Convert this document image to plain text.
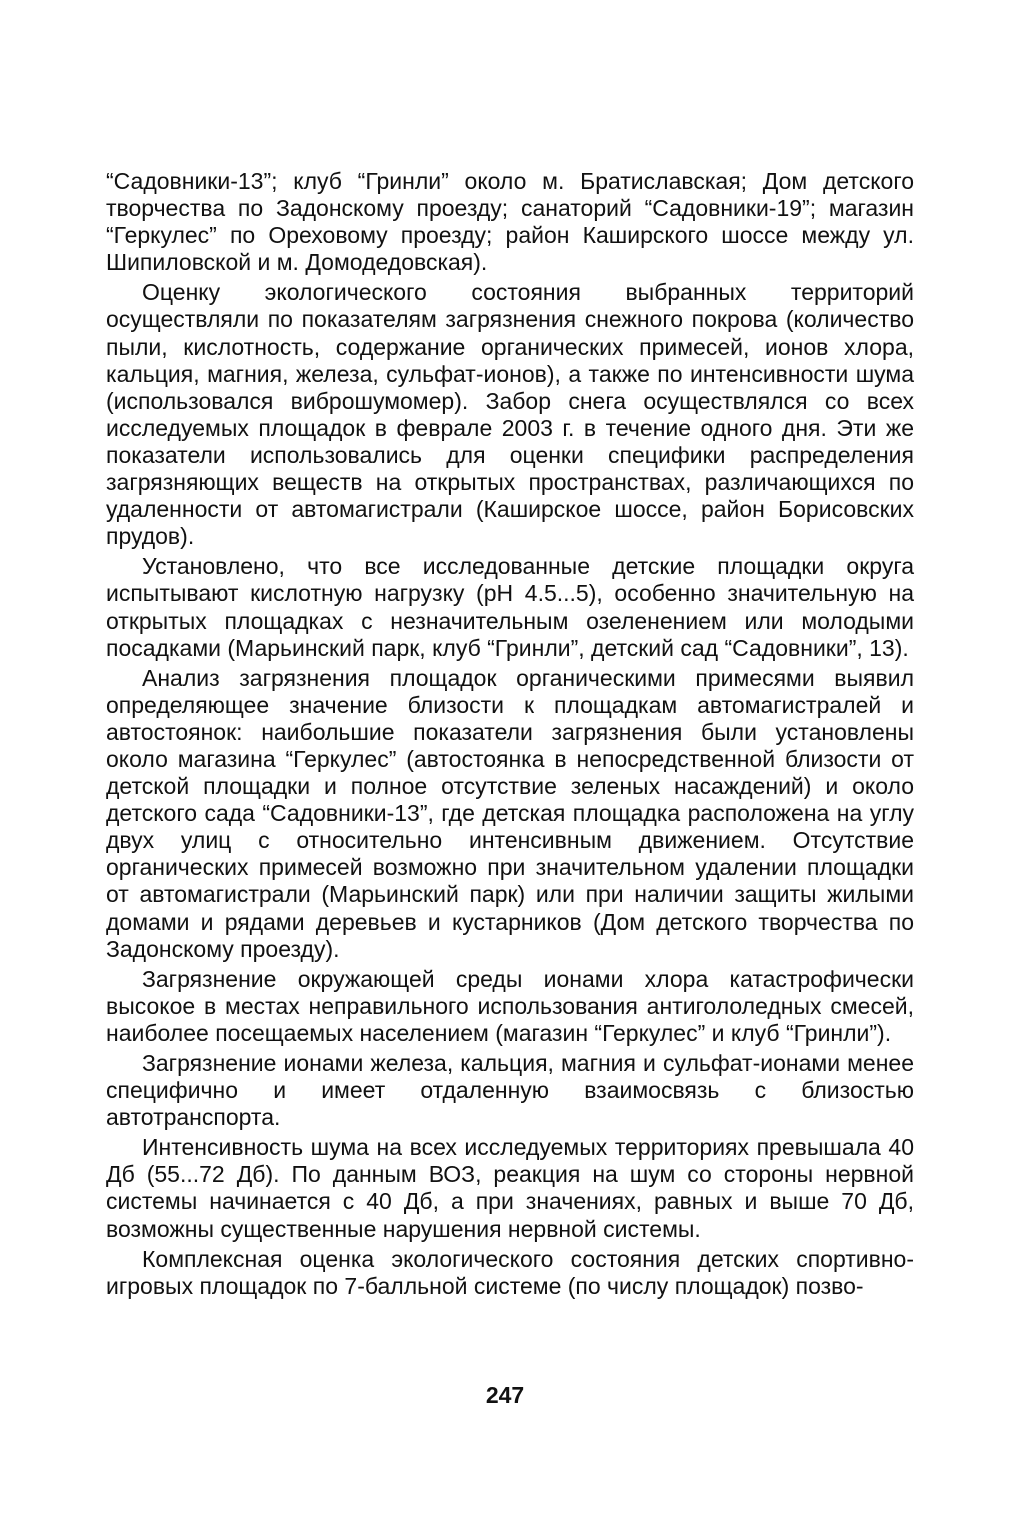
“Садовники-13”; клуб “Гринли” около м. Братиславская; Дом детского творчества по Задонскому проезду; санаторий “Садовники-19”; магазин “Геркулес” по Ореховому проезду; район Каширского шоссе между ул. Шипиловской и м. Домодедовская).

Оценку экологического состояния выбранных территорий осуществляли по показателям загрязнения снежного покрова (количество пыли, кислотность, содержание органических примесей, ионов хлора, кальция, магния, железа, сульфат-ионов), а также по интенсивности шума (использовался виброшумомер). Забор снега осуществлялся со всех исследуемых площадок в феврале 2003 г. в течение одного дня. Эти же показатели использовались для оценки специфики распределения загрязняющих веществ на открытых пространствах, различающихся по удаленности от автомагистрали (Каширское шоссе, район Борисовских прудов).

Установлено, что все исследованные детские площадки округа испытывают кислотную нагрузку (рН 4.5...5), особенно значительную на открытых площадках с незначительным озеленением или молодыми посадками (Марьинский парк, клуб “Гринли”, детский сад “Садовники”, 13).

Анализ загрязнения площадок органическими примесями выявил определяющее значение близости к площадкам автомагистралей и автостоянок: наибольшие показатели загрязнения были установлены около магазина “Геркулес” (автостоянка в непосредственной близости от детской площадки и полное отсутствие зеленых насаждений) и около детского сада “Садовники-13”, где детская площадка расположена на углу двух улиц с относительно интенсивным движением. Отсутствие органических примесей возможно при значительном удалении площадки от автомагистрали (Марьинский парк) или при наличии защиты жилыми домами и рядами деревьев и кустарников (Дом детского творчества по Задонскому проезду).

Загрязнение окружающей среды ионами хлора катастрофически высокое в местах неправильного использования антигололедных смесей, наиболее посещаемых населением (магазин “Геркулес” и клуб “Гринли”).

Загрязнение ионами железа, кальция, магния и сульфат-ионами менее специфично и имеет отдаленную взаимосвязь с близостью автотранспорта.

Интенсивность шума на всех исследуемых территориях превышала 40 Дб (55...72 Дб). По данным ВОЗ, реакция на шум со стороны нервной системы начинается с 40 Дб, а при значениях, равных и выше 70 Дб, возможны существенные нарушения нервной системы.

Комплексная оценка экологического состояния детских спортивно-игровых площадок по 7-балльной системе (по числу площадок) позво-

247
